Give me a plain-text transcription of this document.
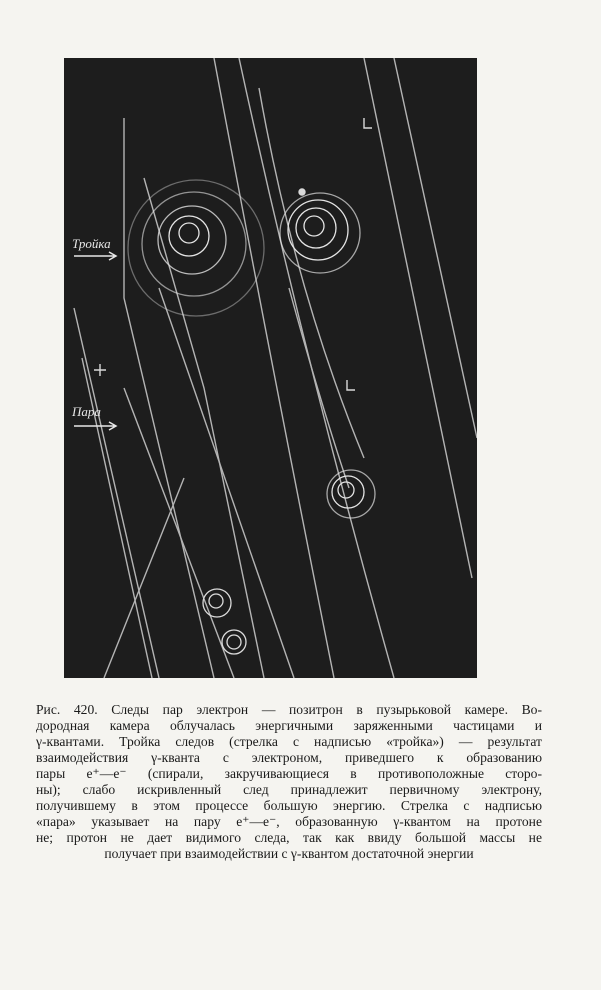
Тройка
Пара
Рис. 420. Следы пар электрон — позитрон в пузырьковой камере. Во-
дородная камера облучалась энергичными заряженными частицами и
γ-квантами. Тройка следов (стрелка с надписью «тройка») — результат
взаимодействия γ-кванта с электроном, приведшего к образованию
пары e⁺—e⁻ (спирали, закручивающиеся в противоположные сторо-
ны); слабо искривленный след принадлежит первичному электрону,
получившему в этом процессе большую энергию. Стрелка с надписью
«пара» указывает на пару e⁺—e⁻, образованную γ-квантом на протоне
не; протон не дает видимого следа, так как ввиду большой массы не
получает при взаимодействии с γ-квантом достаточной энергии
